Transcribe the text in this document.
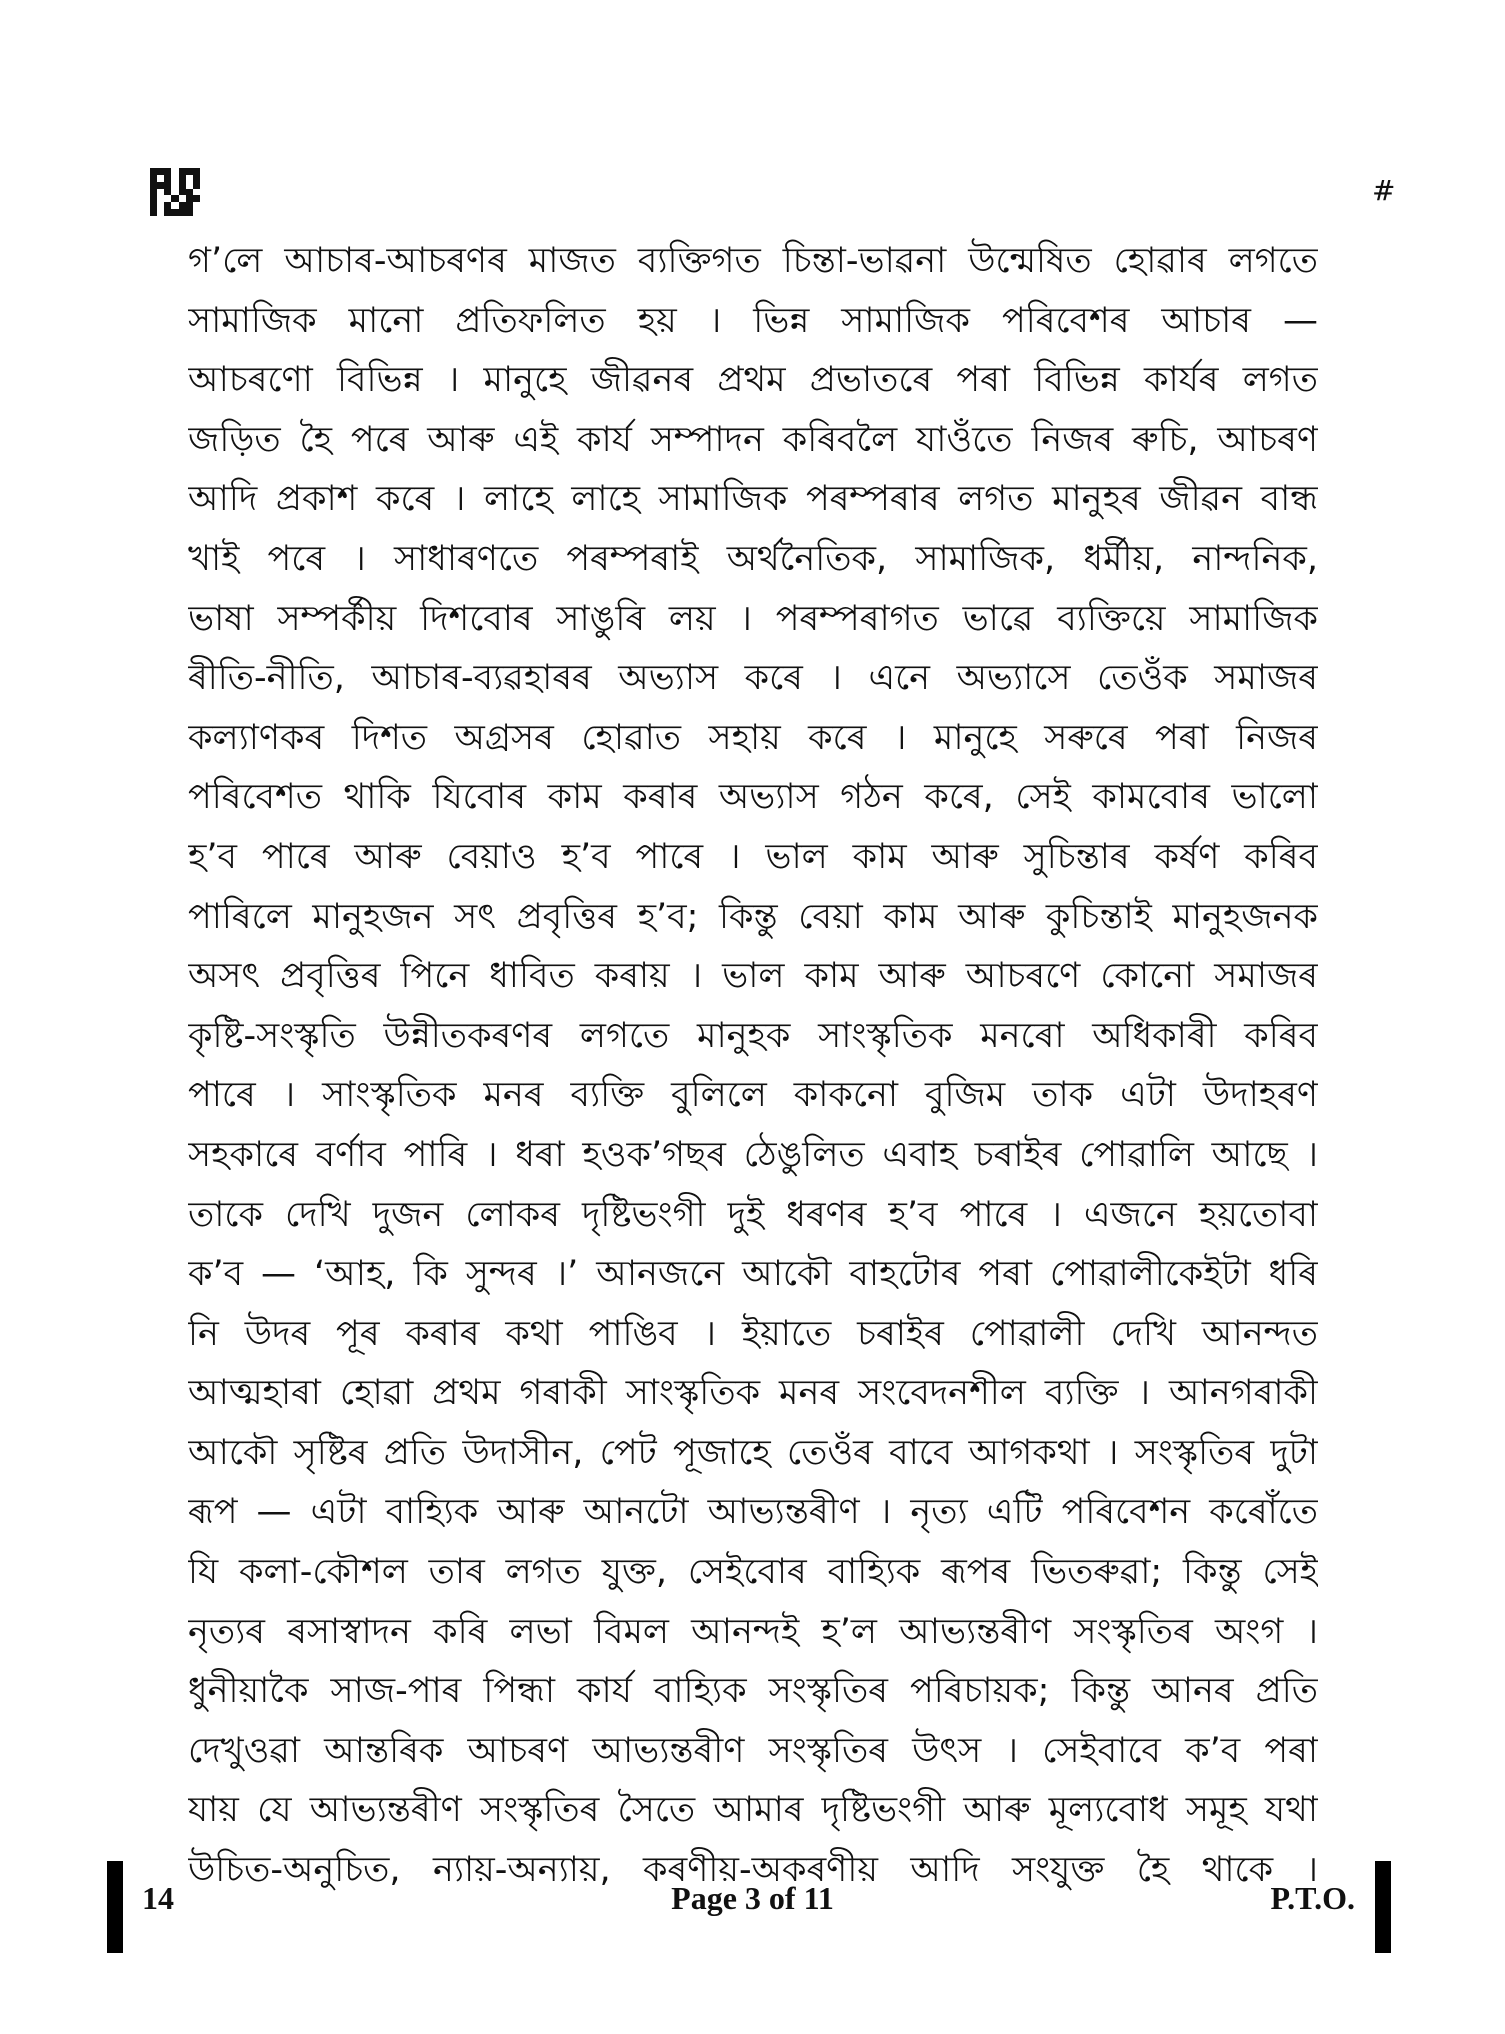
#
গ’লে আচাৰ-আচৰণৰ মাজত ব্যক্তিগত চিন্তা-ভাৱনা উন্মেষিত হোৱাৰ লগতে
সামাজিক মানো প্ৰতিফলিত হয় । ভিন্ন সামাজিক পৰিবেশৰ আচাৰ —
আচৰণো বিভিন্ন । মানুহে জীৱনৰ প্ৰথম প্ৰভাতৰে পৰা বিভিন্ন কাৰ্যৰ লগত
জড়িত হৈ পৰে আৰু এই কাৰ্য সম্পাদন কৰিবলৈ যাওঁতে নিজৰ ৰুচি, আচৰণ
আদি প্ৰকাশ কৰে । লাহে লাহে সামাজিক পৰম্পৰাৰ লগত মানুহৰ জীৱন বান্ধ
খাই পৰে । সাধাৰণতে পৰম্পৰাই অৰ্থনৈতিক, সামাজিক, ধৰ্মীয়, নান্দনিক,
ভাষা সম্পৰ্কীয় দিশবোৰ সাঙুৰি লয় । পৰম্পৰাগত ভাৱে ব্যক্তিয়ে সামাজিক
ৰীতি-নীতি, আচাৰ-ব্যৱহাৰৰ অভ্যাস কৰে । এনে অভ্যাসে তেওঁক সমাজৰ
কল্যাণকৰ দিশত অগ্ৰসৰ হোৱাত সহায় কৰে । মানুহে সৰুৰে পৰা নিজৰ
পৰিবেশত থাকি যিবোৰ কাম কৰাৰ অভ্যাস গঠন কৰে, সেই কামবোৰ ভালো
হ’ব পাৰে আৰু বেয়াও হ’ব পাৰে । ভাল কাম আৰু সুচিন্তাৰ কৰ্ষণ কৰিব
পাৰিলে মানুহজন সৎ প্ৰবৃত্তিৰ হ’ব; কিন্তু বেয়া কাম আৰু কুচিন্তাই মানুহজনক
অসৎ প্ৰবৃত্তিৰ পিনে ধাবিত কৰায় । ভাল কাম আৰু আচৰণে কোনো সমাজৰ
কৃষ্টি-সংস্কৃতি উন্নীতকৰণৰ লগতে মানুহক সাংস্কৃতিক মনৰো অধিকাৰী কৰিব
পাৰে । সাংস্কৃতিক মনৰ ব্যক্তি বুলিলে কাকনো বুজিম তাক এটা উদাহৰণ
সহকাৰে বৰ্ণাব পাৰি । ধৰা হওক’গছৰ ঠেঙুলিত এবাহ চৰাইৰ পোৱালি আছে ।
তাকে দেখি দুজন লোকৰ দৃষ্টিভংগী দুই ধৰণৰ হ’ব পাৰে । এজনে হয়তোবা
ক’ব — ‘আহ, কি সুন্দৰ ।’ আনজনে আকৌ বাহটোৰ পৰা পোৱালীকেইটা ধৰি
নি উদৰ পূৰ কৰাৰ কথা পাঙিব । ইয়াতে চৰাইৰ পোৱালী দেখি আনন্দত
আত্মহাৰা হোৱা প্ৰথম গৰাকী সাংস্কৃতিক মনৰ সংবেদনশীল ব্যক্তি । আনগৰাকী
আকৌ সৃষ্টিৰ প্ৰতি উদাসীন, পেট পূজাহে তেওঁৰ বাবে আগকথা । সংস্কৃতিৰ দুটা
ৰূপ — এটা বাহ্যিক আৰু আনটো আভ্যন্তৰীণ । নৃত্য এটি পৰিবেশন কৰোঁতে
যি কলা-কৌশল তাৰ লগত যুক্ত, সেইবোৰ বাহ্যিক ৰূপৰ ভিতৰুৱা; কিন্তু সেই
নৃত্যৰ ৰসাস্বাদন কৰি লভা বিমল আনন্দই হ’ল আভ্যন্তৰীণ সংস্কৃতিৰ অংগ ।
ধুনীয়াকৈ সাজ-পাৰ পিন্ধা কাৰ্য বাহ্যিক সংস্কৃতিৰ পৰিচায়ক; কিন্তু আনৰ প্ৰতি
দেখুওৱা আন্তৰিক আচৰণ আভ্যন্তৰীণ সংস্কৃতিৰ উৎস । সেইবাবে ক’ব পৰা
যায় যে আভ্যন্তৰীণ সংস্কৃতিৰ সৈতে আমাৰ দৃষ্টিভংগী আৰু মূল্যবোধ সমূহ যথা
উচিত-অনুচিত, ন্যায়-অন্যায়, কৰণীয়-অকৰণীয় আদি সংযুক্ত হৈ থাকে ।
14	Page 3 of 11	P.T.O.
